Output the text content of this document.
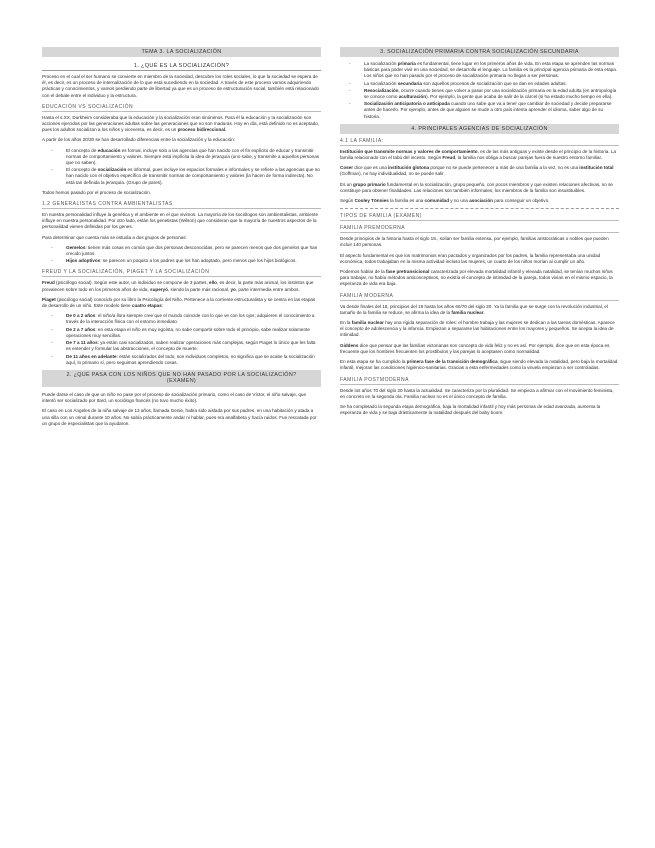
TEMA 3. LA SOCIALIZACIÓN
1. ¿QUÉ ES LA SOCIALIZACIÓN?

Proceso en el cual el ser humano se convierte en miembro de la sociedad, descubre los roles sociales, lo que la sociedad se espera de él, es decir, es un proceso de internalización de lo que está sucediendo en la sociedad. A través de este proceso vamos adquiriendo prácticas y conocimientos, y vamos perdiendo parte de libertad ya que es un proceso de estructuración social, también está relacionado con el debate entre el individuo y la estructura.

EDUCACIÓN VS SOCIALIZACIÓN

Hasta el s.XX, Durkheim consideraba que la educación y la socialización eran sinónimos. Para él la educación y la socialización son acciones ejercidas por las generaciones adultas sobre las generaciones que no son maduras. Hoy en día, está definido no es aceptado, pues los adultos socializan a los niños y viceversa, es decir, es un proceso bidireccional.

A partir de los años 20/30 se han desarrollado diferencias entre la socialización y la educación:

-	El concepto de educación es formal, incluye solo a las agencias que han nacido con el fin explícito de educar y transmitir normas de comportamiento y valores. Siempre está implícita la idea de jerarquía (uno sabe, y transmite a aquellos personas que no saben).
-	El concepto de socialización es informal, pues incluye los espacios formales e informales y se refiere a las agencias que no han nacido con el objetivo específico de transmitir normas de comportamiento y valores (la hacen de forma indirecta). No está tan definida la jerarquía. (Grupo de pares).

Todos hemos pasado por el proceso de socialización.

1.2 GENERALISTAS CONTRA AMBIENTALISTAS

En nuestra personalidad influye la genética y el ambiente en el que vivimos. La mayoría de los sociólogos son ambientalistas, ambiente influye en nuestra personalidad. Por otro lado, están los genetistas (Wilson) que consideran que la mayoría de nuestros aspectos de la personalidad vienen definidas por los genes.

Para determinar que cuenta más se estudia a dos grupos de personas:

-	Gemelos: tienen más cosas en común que dos personas desconocidas, pero se parecen menos que dos gemelos que han crecido juntos.
-	Hijos adoptivos: se parecen un poquito a los padres que los han adoptado, pero menos que los hijos biológicos.
FREUD Y LA SOCIALIZACIÓN, PIAGET Y LA SOCIALIZACIÓN

Freud (psicólogo social). Según este autor, un individuo se compone de 3 partes, ello, es decir, la parte más animal, los instintos que prevalecen sobre todo en los primeros años de vida, superyó, siendo la parte más racional, yo, parte intermedia entre ambos.

Piaget (psicólogo social) conocido por su libro la Psicología del Niño. Pertenece a la corriente estructuralista y se centra en las etapas de desarrollo de un niño. Este modelo tiene cuatro etapas:

-	De 0 a 2 años: el niño/a llora siempre cree que el mundo coincide con lo que ve con los ojos; adquieren el conocimiento a través de la interacción física con el entorno inmediato.
-	De 2 a 7 años: en esta etapa el niño es muy egoísta, no sabe compartir sobre todo el principio, sabe realizar solamente operaciones muy sencillas.
-	De 7 a 11 años: ya están casi socializados, saben realizar operaciones más complejas, según Piaget lo único que les falta es entender y formular las abstracciones, el concepto de muerte.
-	De 11 años en adelante: están socializados del todo, son individuos completos, no significa que se acabe la socialización aquí, lo primario sí, pero seguimos aprendiendo cosas.
2. ¿QUÉ PASA CON LOS NIÑOS QUE NO HAN PASADO POR LA SOCIALIZACIÓN?
(EXAMEN)

Puede darse el caso de que un niño no pase por el proceso de socialización primario, como el caso de Víctor, el niño salvaje, que intentó ser socializado por Itard, un sociólogo francés (no tuvo mucho éxito).

El caso en Los Ángeles de la niña salvaje de 13 años, llamada Genie, había sido aislada por sus padres, en una habitación y atada a una silla con un orinal durante 10 años. No sabía prácticamente andar ni hablar, pues era analfabeta y hacía ruidos. Fue rescatada por un grupo de especialistas que la ayudaron.

3. SOCIALIZACIÓN PRIMARIA CONTRA SOCIALIZACIÓN SECUNDARIA
-	La socialización primaria es fundamental, tiene lugar en los primeros años de vida. En esta etapa se aprenden las normas básicas para poder vivir en una sociedad, se desarrolla el lenguaje. La familia es la principal agencia primaria de esta etapa. Los niños que no han pasado por el proceso de socialización primaria no llegan a ser personas.
-	La socialización secundaria son aquellos procesos de socialización que se dan en edades adultas.
-	Resocialización, ocurre cuando tienes que volver a pasar por una socialización primaria en la edad adulta (en antropología se conoce como aculturación). Por ejemplo, la gente que acaba de salir de la cárcel (si ha estado mucho tiempo en ella).
-	Socialización anticipatoria o anticipada cuando uno sabe que va a tener que cambiar de sociedad y decide prepararse antes de hacerlo. Por ejemplo, antes de que alguien se mude a otro país intenta aprender el idioma, saber algo de su historia.
4. PRINCIPALES AGENCIAS DE SOCIALIZACIÓN
4.1 LA FAMILIA:

Institución que transmite normas y valores de comportamiento, es de las más antiguas y existe desde el principio de la historia. La familia relacionado con el tabú del incesto. Según Freud, la familia nos obliga a buscar parejas fuera de nuestro entorno familiar.

Coser dice que es una institución glotona porque no se puede pertenecer a más de una familia a la vez, no es una institución total (Goffman), no hay individualidad, no se puede salir.

Es un grupo primario fundamental en la socialización, grupo pequeño, con pocos miembros y que existen relaciones afectivas, no se constituye para obtener finalidades. Las relaciones son también informales, los miembros de la familia son insustituibles.

Según Cooley Tönnies la familia es una comunidad y no una asociación para conseguir un objetivo.

TIPOS DE FAMILIA (EXAMEN)
FAMILIA PREMODERNA

Desde principios de la historia hasta el siglo 18., solían ser familia extensa, por ejemplo, familias aristocráticas o nobles que pueden incluir 140 personas.

El aspecto fundamental es que los matrimonios eran pactados y organizados por los padres, la familia representaba una unidad económica, todos trabajaban en la misma actividad incluso las mujeres, un cuarto de los niños morían al cumplir un año.

Podemos hablar de la fase pretransicional caracterizada por elevada mortalidad infantil y elevada natalidad, se tenían muchos niños para trabajar, no había métodos anticonceptivos, no existía el concepto de intimidad de la pareja, todos vivían en el mismo espacio, la esperanza de vida era baja.

FAMILIA MODERNA

Va desde finales del 18, principios del 19 hasta los años 60/70 del siglo 20. Ya la familia que se surge con la revolución industrial, el tamaño de la familia se reduce, se afirma la idea de la familia nuclear.

En la familia nuclear hay una rígida separación de roles: el hombre trabaja y las mujeres se dedican a las tareas domésticas. Aparece el concepto de adolescencia y la infancia. Empiezan a separarse las habitaciones entre los mayores y pequeños. Se acepta la idea de intimidad.

Giddens dice que pensar que las familias victorianas son concepto de vida feliz y no es así. Por ejemplo, dice que en esta época es frecuente que los hombres frecuenten los prostíbulos y las parejas lo aceptasen como normalidad.

En esta etapa se ha cumplido la primera fase de la transición demográfica, sigue siendo elevada la natalidad, pero baja la mortalidad infantil, mejoran las condiciones higiénico-sanitarias. Gracias a esta enfermedades como la viruela empiezan a ser controladas.

FAMILIA POSTMODERNA

Desde los años 70 del siglo 20 hasta la actualidad. Se caracteriza por la pluralidad. Se empieza a afirmar con el movimiento feminista, en concreto en la segunda ola. Familia nuclear no es el único concepto de familia.

Se ha completado la segunda etapa demográfica, baja la mortalidad infantil y hoy más personas de edad avanzada, aumenta la esperanza de vida y se baja drásticamente la natalidad después del baby boom.
